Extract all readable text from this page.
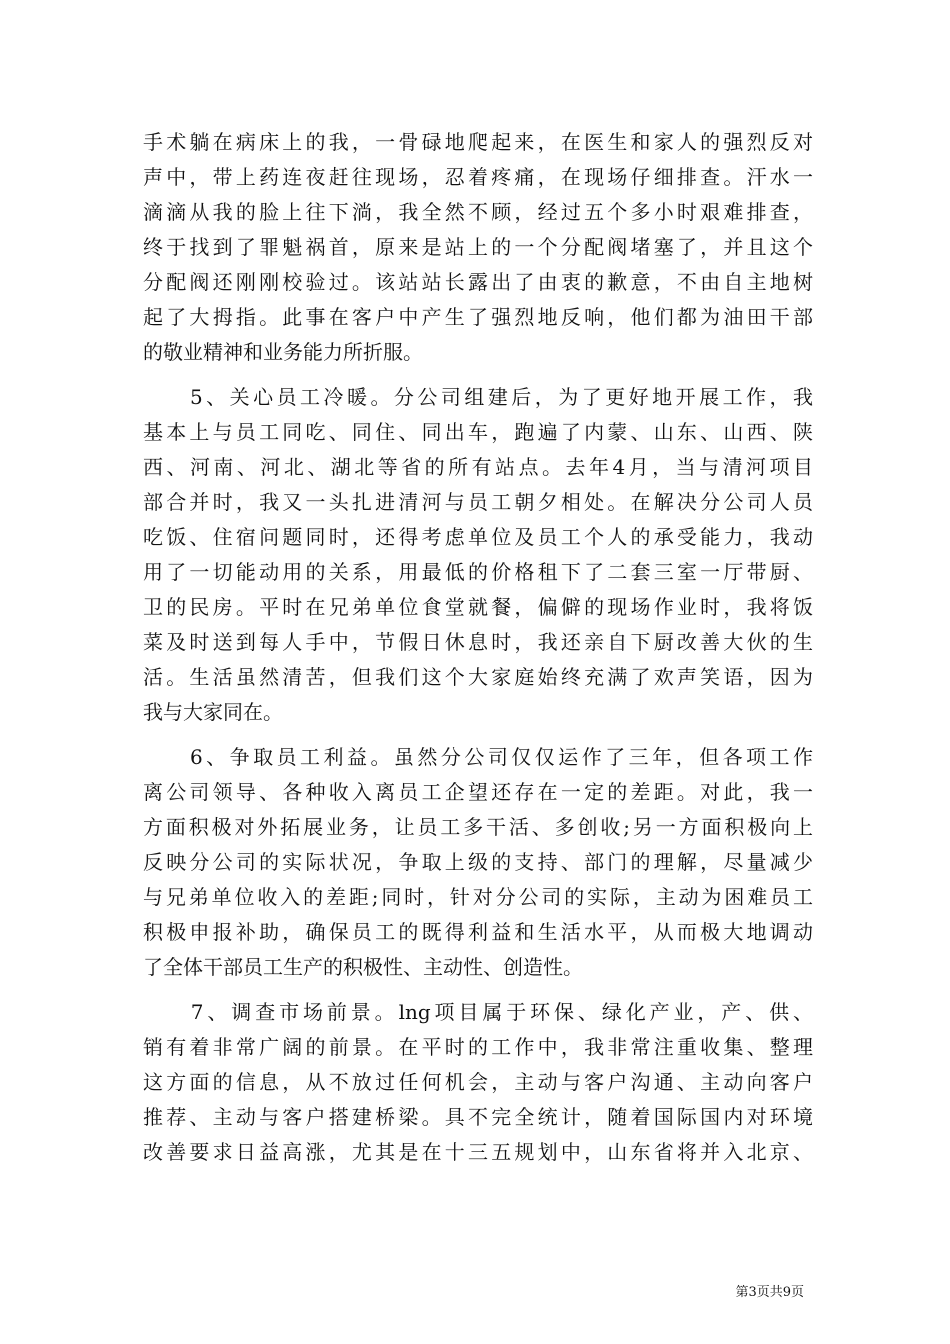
手术躺在病床上的我，一骨碌地爬起来，在医生和家人的强烈反对
声中，带上药连夜赶往现场，忍着疼痛，在现场仔细排查。汗水一
滴滴从我的脸上往下淌，我全然不顾，经过五个多小时艰难排查，
终于找到了罪魁祸首，原来是站上的一个分配阀堵塞了，并且这个
分配阀还刚刚校验过。该站站长露出了由衷的歉意，不由自主地树
起了大拇指。此事在客户中产生了强烈地反响，他们都为油田干部
的敬业精神和业务能力所折服。
　　5、关心员工冷暖。分公司组建后，为了更好地开展工作，我
基本上与员工同吃、同住、同出车，跑遍了内蒙、山东、山西、陕
西、河南、河北、湖北等省的所有站点。去年4月，当与清河项目
部合并时，我又一头扎进清河与员工朝夕相处。在解决分公司人员
吃饭、住宿问题同时，还得考虑单位及员工个人的承受能力，我动
用了一切能动用的关系，用最低的价格租下了二套三室一厅带厨、
卫的民房。平时在兄弟单位食堂就餐，偏僻的现场作业时，我将饭
菜及时送到每人手中，节假日休息时，我还亲自下厨改善大伙的生
活。生活虽然清苦，但我们这个大家庭始终充满了欢声笑语，因为
我与大家同在。
　　6、争取员工利益。虽然分公司仅仅运作了三年，但各项工作
离公司领导、各种收入离员工企望还存在一定的差距。对此，我一
方面积极对外拓展业务，让员工多干活、多创收;另一方面积极向上
反映分公司的实际状况，争取上级的支持、部门的理解，尽量减少
与兄弟单位收入的差距;同时，针对分公司的实际，主动为困难员工
积极申报补助，确保员工的既得利益和生活水平，从而极大地调动
了全体干部员工生产的积极性、主动性、创造性。
　　7、调查市场前景。lng项目属于环保、绿化产业，产、供、
销有着非常广阔的前景。在平时的工作中，我非常注重收集、整理
这方面的信息，从不放过任何机会，主动与客户沟通、主动向客户
推荐、主动与客户搭建桥梁。具不完全统计，随着国际国内对环境
改善要求日益高涨，尤其是在十三五规划中，山东省将并入北京、
第3页共9页
